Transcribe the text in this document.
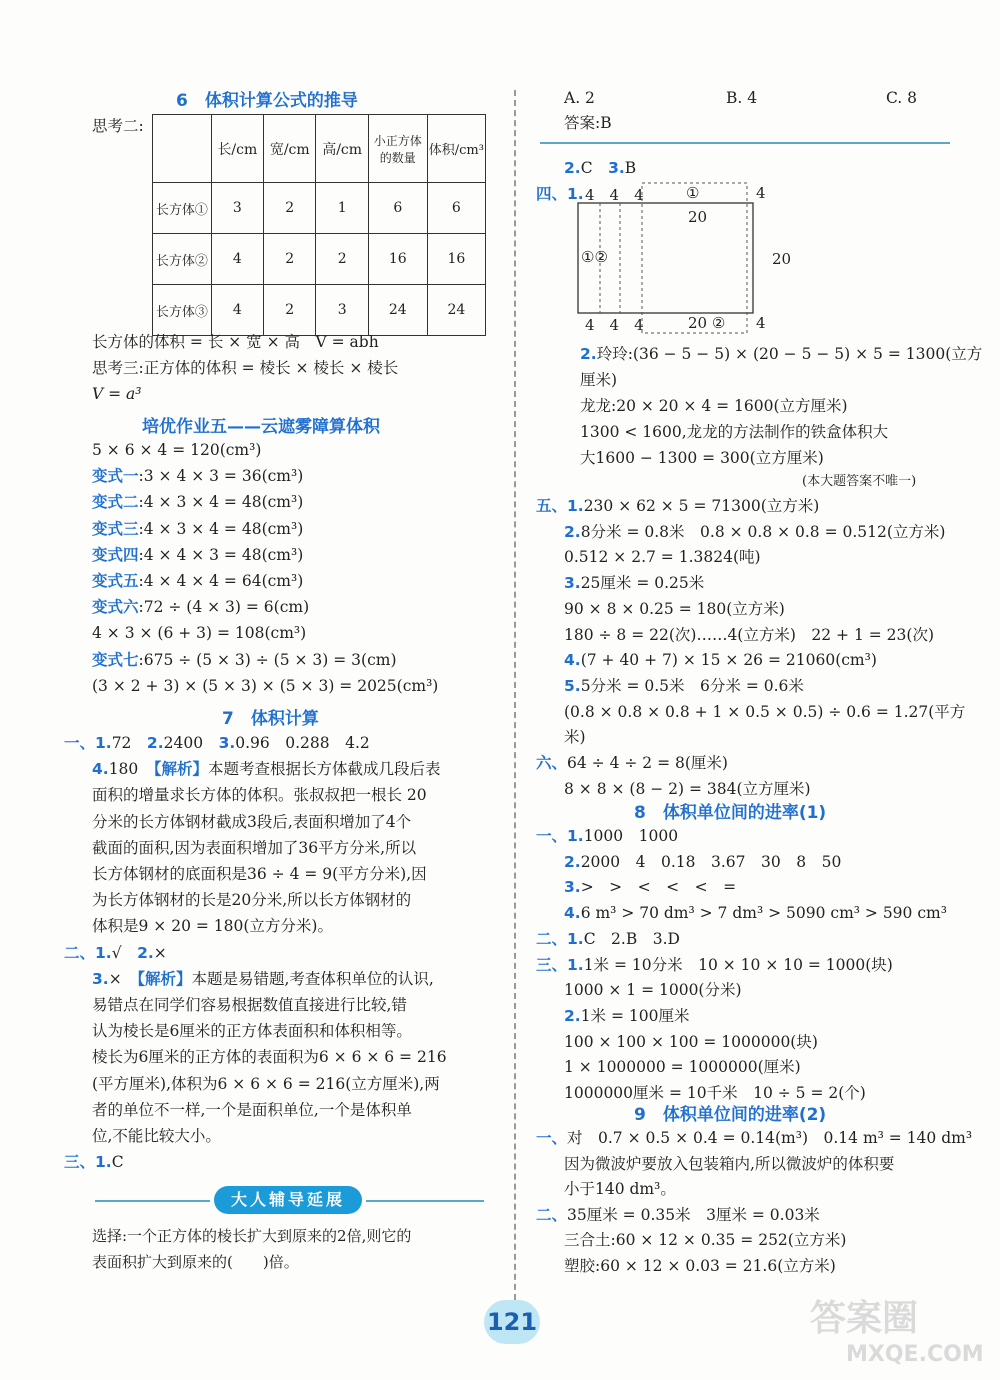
6　体积计算公式的推导
思考二:
	长/cm	宽/cm	高/cm	小正方体的数量	体积/cm³
长方体①	3	2	1	6	6
长方体②	4	2	2	16	16
长方体③	4	2	3	24	24
长方体的体积 = 长 × 宽 × 高　V = abh
思考三:正方体的体积 = 棱长 × 棱长 × 棱长
V = a³
培优作业五——云遮雾障算体积
5 × 6 × 4 = 120(cm³)
变式一:3 × 4 × 3 = 36(cm³)
变式二:4 × 3 × 4 = 48(cm³)
变式三:4 × 3 × 4 = 48(cm³)
变式四:4 × 4 × 3 = 48(cm³)
变式五:4 × 4 × 4 = 64(cm³)
变式六:72 ÷ (4 × 3) = 6(cm)
4 × 3 × (6 + 3) = 108(cm³)
变式七:675 ÷ (5 × 3) ÷ (5 × 3) = 3(cm)
(3 × 2 + 3) × (5 × 3) × (5 × 3) = 2025(cm³)
7　体积计算
一、1.72　2.2400　3.0.96　0.288　4.2
4.180　【解析】本题考查根据长方体截成几段后表
面积的增量求长方体的体积。张叔叔把一根长 20
分米的长方体钢材截成3段后,表面积增加了4个
截面的面积,因为表面积增加了36平方分米,所以
长方体钢材的底面积是36 ÷ 4 = 9(平方分米),因
为长方体钢材的长是20分米,所以长方体钢材的
体积是9 × 20 = 180(立方分米)。
二、1.√　2.×
3.×　【解析】本题是易错题,考查体积单位的认识,
易错点在同学们容易根据数值直接进行比较,错
认为棱长是6厘米的正方体表面积和体积相等。
棱长为6厘米的正方体的表面积为6 × 6 × 6 = 216
(平方厘米),体积为6 × 6 × 6 = 216(立方厘米),两
者的单位不一样,一个是面积单位,一个是体积单
位,不能比较大小。
三、1.C
大人辅导延展
选择:一个正方体的棱长扩大到原来的2倍,则它的
表面积扩大到原来的(　　)倍。
A. 2	B. 4	C. 8
答案:B
2.C　3.B
四、1. 4　4　4	①	4
20
①②	20
4　4　4	20 ② 4
2.玲玲:(36 − 5 − 5) × (20 − 5 − 5) × 5 = 1300(立方
厘米)
龙龙:20 × 20 × 4 = 1600(立方厘米)
1300 < 1600,龙龙的方法制作的铁盒体积大
大1600 − 1300 = 300(立方厘米)
(本大题答案不唯一)
五、1.230 × 62 × 5 = 71300(立方米)
2.8分米 = 0.8米　0.8 × 0.8 × 0.8 = 0.512(立方米)
0.512 × 2.7 = 1.3824(吨)
3.25厘米 = 0.25米
90 × 8 × 0.25 = 180(立方米)
180 ÷ 8 = 22(次)……4(立方米)　22 + 1 = 23(次)
4.(7 + 40 + 7) × 15 × 26 = 21060(cm³)
5.5分米 = 0.5米　6分米 = 0.6米
(0.8 × 0.8 × 0.8 + 1 × 0.5 × 0.5) ÷ 0.6 = 1.27(平方
米)
六、64 ÷ 4 ÷ 2 = 8(厘米)
8 × 8 × (8 − 2) = 384(立方厘米)
8　体积单位间的进率(1)
一、1.1000　1000
2.2000　4　0.18　3.67　30　8　50
3.>　>　<　<　<　=
4.6 m³ > 70 dm³ > 7 dm³ > 5090 cm³ > 590 cm³
二、1.C　2.B　3.D
三、1.1米 = 10分米　10 × 10 × 10 = 1000(块)
1000 × 1 = 1000(分米)
2.1米 = 100厘米
100 × 100 × 100 = 1000000(块)
1 × 1000000 = 1000000(厘米)
1000000厘米 = 10千米　10 ÷ 5 = 2(个)
9　体积单位间的进率(2)
一、对　0.7 × 0.5 × 0.4 = 0.14(m³)　0.14 m³ = 140 dm³
因为微波炉要放入包装箱内,所以微波炉的体积要
小于140 dm³。
二、35厘米 = 0.35米　3厘米 = 0.03米
三合土:60 × 12 × 0.35 = 252(立方米)
塑胶:60 × 12 × 0.03 = 21.6(立方米)
121	答案圈
MXQE.COM
